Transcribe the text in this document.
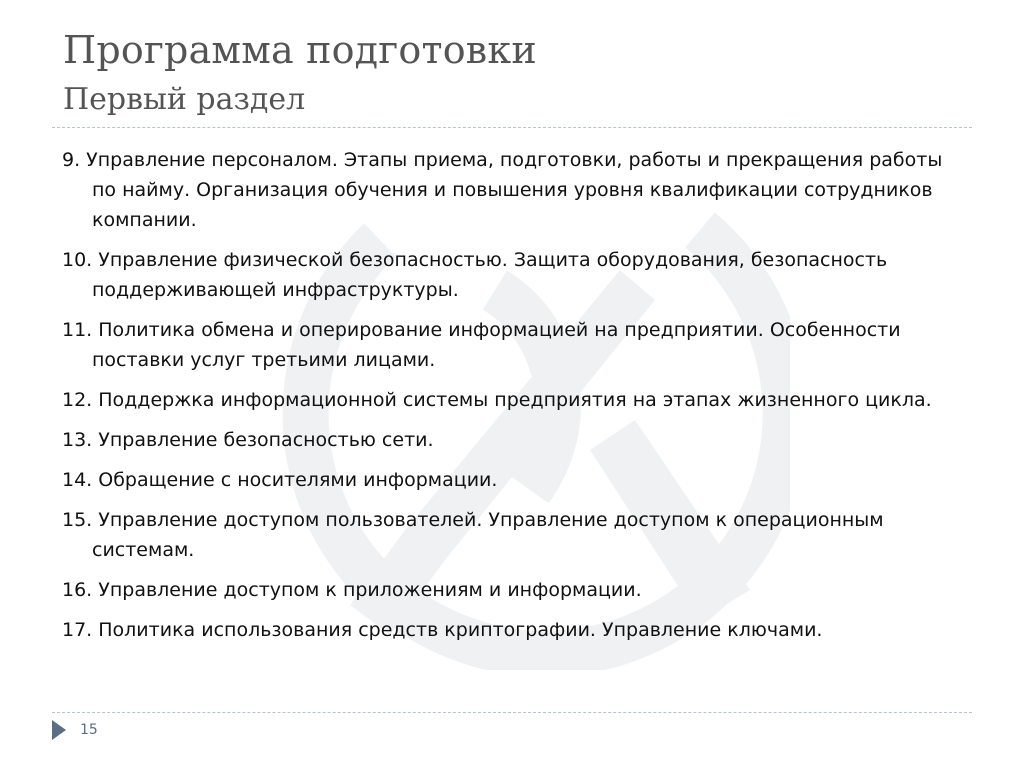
Программа подготовки
Первый раздел
9. Управление персоналом. Этапы приема, подготовки, работы и прекращения работы по найму. Организация обучения и повышения уровня квалификации сотрудников компании.
10. Управление физической безопасностью. Защита оборудования, безопасность поддерживающей инфраструктуры.
11. Политика обмена и оперирование информацией на предприятии. Особенности поставки услуг третьими лицами.
12. Поддержка информационной системы предприятия на этапах жизненного цикла.
13. Управление безопасностью сети.
14. Обращение с носителями информации.
15. Управление доступом пользователей. Управление доступом к операционным системам.
16. Управление доступом к приложениям и информации.
17. Политика использования средств криптографии. Управление ключами.
15
